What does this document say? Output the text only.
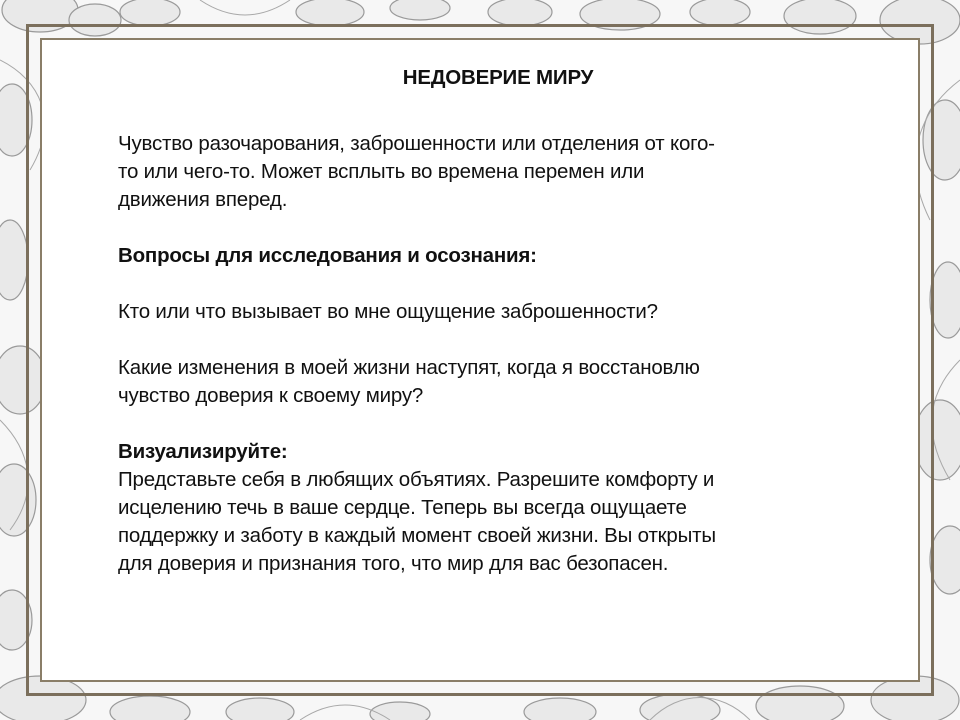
НЕДОВЕРИЕ МИРУ

Чувство разочарования, заброшенности или отделения от кого-
то или чего-то. Может всплыть во времена перемен или
движения вперед.

Вопросы для исследования и осознания:

Кто или что вызывает во мне ощущение заброшенности?

Какие изменения в моей жизни наступят, когда я восстановлю
чувство доверия к своему миру?

Визуализируйте:

Представьте себя в любящих объятиях. Разрешите комфорту и
исцелению течь в ваше сердце. Теперь вы всегда ощущаете
поддержку и заботу в каждый момент своей жизни. Вы открыты
для доверия и признания того, что мир для вас безопасен.
